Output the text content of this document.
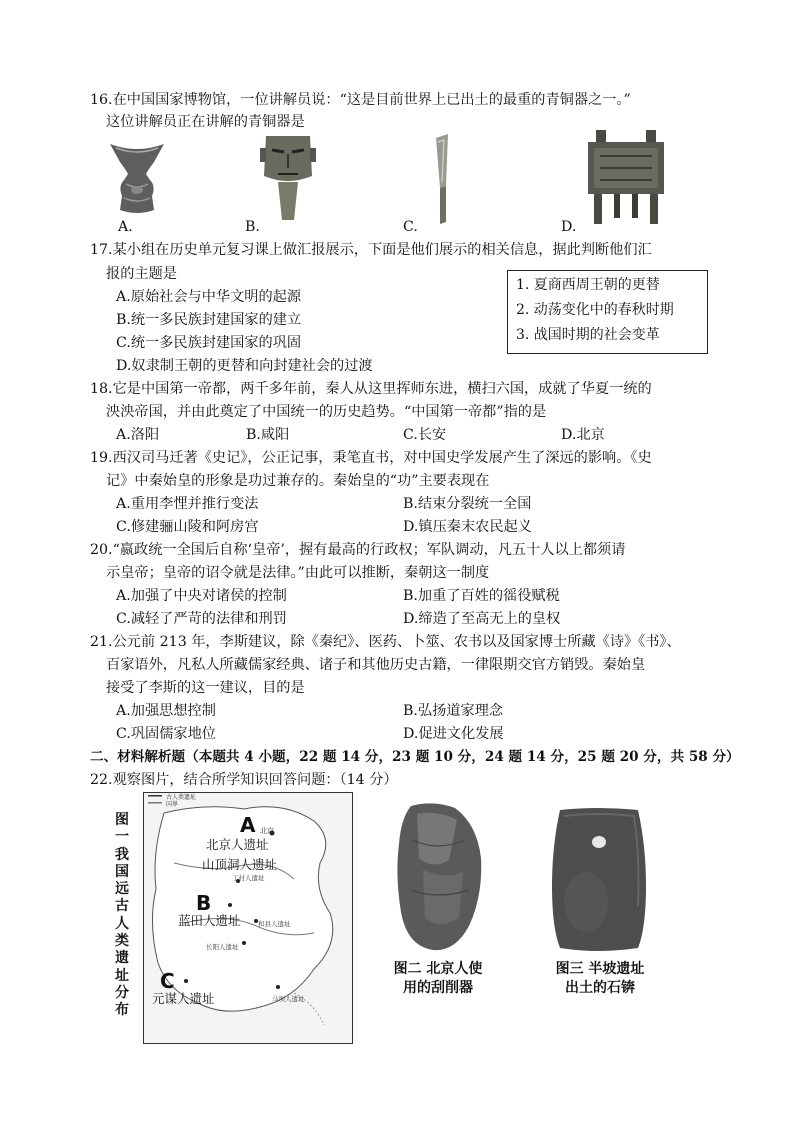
16.在中国国家博物馆，一位讲解员说：“这是目前世界上已出土的最重的青铜器之一。”
这位讲解员正在讲解的青铜器是
A.	B.	C.	D.
17.某小组在历史单元复习课上做汇报展示，下面是他们展示的相关信息，据此判断他们汇
报的主题是
A.原始社会与中华文明的起源
B.统一多民族封建国家的建立
C.统一多民族封建国家的巩固
D.奴隶制王朝的更替和向封建社会的过渡
1. 夏商西周王朝的更替
2. 动荡变化中的春秋时期
3. 战国时期的社会变革
18.它是中国第一帝都，两千多年前，秦人从这里挥师东进，横扫六国，成就了华夏一统的
泱泱帝国，并由此奠定了中国统一的历史趋势。“中国第一帝都”指的是
A.洛阳	B.咸阳	C.长安	D.北京
19.西汉司马迁著《史记》，公正记事，秉笔直书，对中国史学发展产生了深远的影响。《史
记》中秦始皇的形象是功过兼存的。秦始皇的“功”主要表现在
A.重用李悝并推行变法	B.结束分裂统一全国
C.修建骊山陵和阿房宫	D.镇压秦末农民起义
20.“嬴政统一全国后自称‘皇帝’，握有最高的行政权；军队调动，凡五十人以上都须请
示皇帝；皇帝的诏令就是法律。”由此可以推断，秦朝这一制度
A.加强了中央对诸侯的控制	B.加重了百姓的徭役赋税
C.减轻了严苛的法律和刑罚	D.缔造了至高无上的皇权
21.公元前 213 年，李斯建议，除《秦纪》、医药、卜筮、农书以及国家博士所藏《诗》《书》、
百家语外，凡私人所藏儒家经典、诸子和其他历史古籍，一律限期交官方销毁。秦始皇
接受了李斯的这一建议，目的是
A.加强思想控制	B.弘扬道家理念
C.巩固儒家地位	D.促进文化发展
二、材料解析题（本题共 4 小题，22 题 14 分，23 题 10 分，24 题 14 分，25 题 20 分，共 58 分）
22.观察图片，结合所学知识回答问题：（14 分）
图一 我国远古人类遗址分布
古人类遗址
国界
A 北京
北京人遗址
山顶洞人遗址
丁村人遗址
B
蓝田人遗址	和县人遗址
长阳人遗址
C
元谋人遗址	马坝人遗址
图二 北京人使
用的刮削器
图三 半坡遗址
出土的石锛
